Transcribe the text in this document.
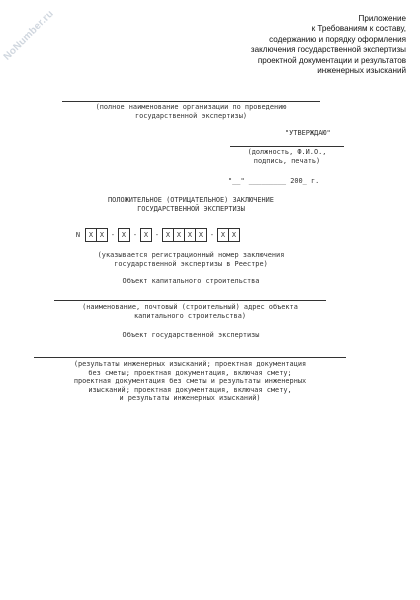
NoNumber.ru	Приложение
к Требованиям к составу,
содержанию и порядку оформления
заключения государственной экспертизы
проектной документации и результатов
инженерных изысканий
(полное наименование организации по проведению
государственной экспертизы)
"УТВЕРЖДАЮ"
(должность, Ф.И.О.,
подпись, печать)
"__" _________ 200_ г.
ПОЛОЖИТЕЛЬНОЕ (ОТРИЦАТЕЛЬНОЕ) ЗАКЛЮЧЕНИЕ
ГОСУДАРСТВЕННОЙ ЭКСПЕРТИЗЫ
N	Х Х - Х - Х - Х Х Х Х - Х Х
(указывается регистрационный номер заключения
государственной экспертизы в Реестре)
Объект капитального строительства
(наименование, почтовый (строительный) адрес объекта
капитального строительства)
Объект государственной экспертизы
(результаты инженерных изысканий; проектная документация
без сметы; проектная документация, включая смету;
проектная документация без сметы и результаты инженерных
изысканий; проектная документация, включая смету,
и результаты инженерных изысканий)
